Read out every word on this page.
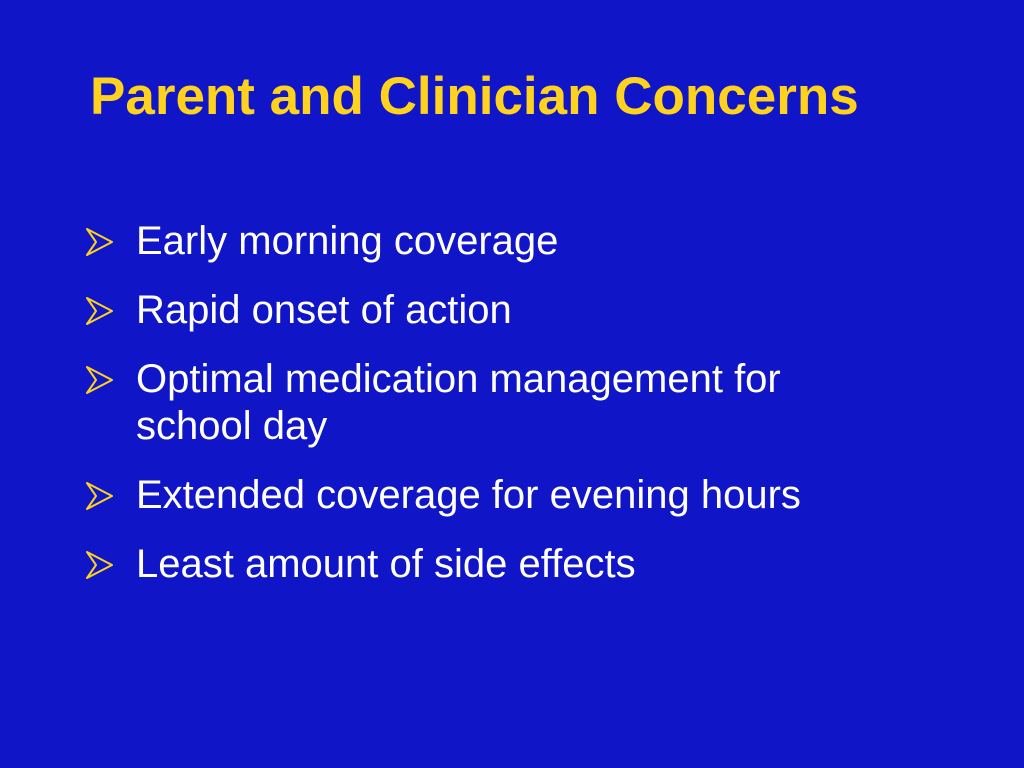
Parent and Clinician Concerns
Early morning coverage
Rapid onset of action
Optimal medication management for school day
Extended coverage for evening hours
Least amount of side effects
